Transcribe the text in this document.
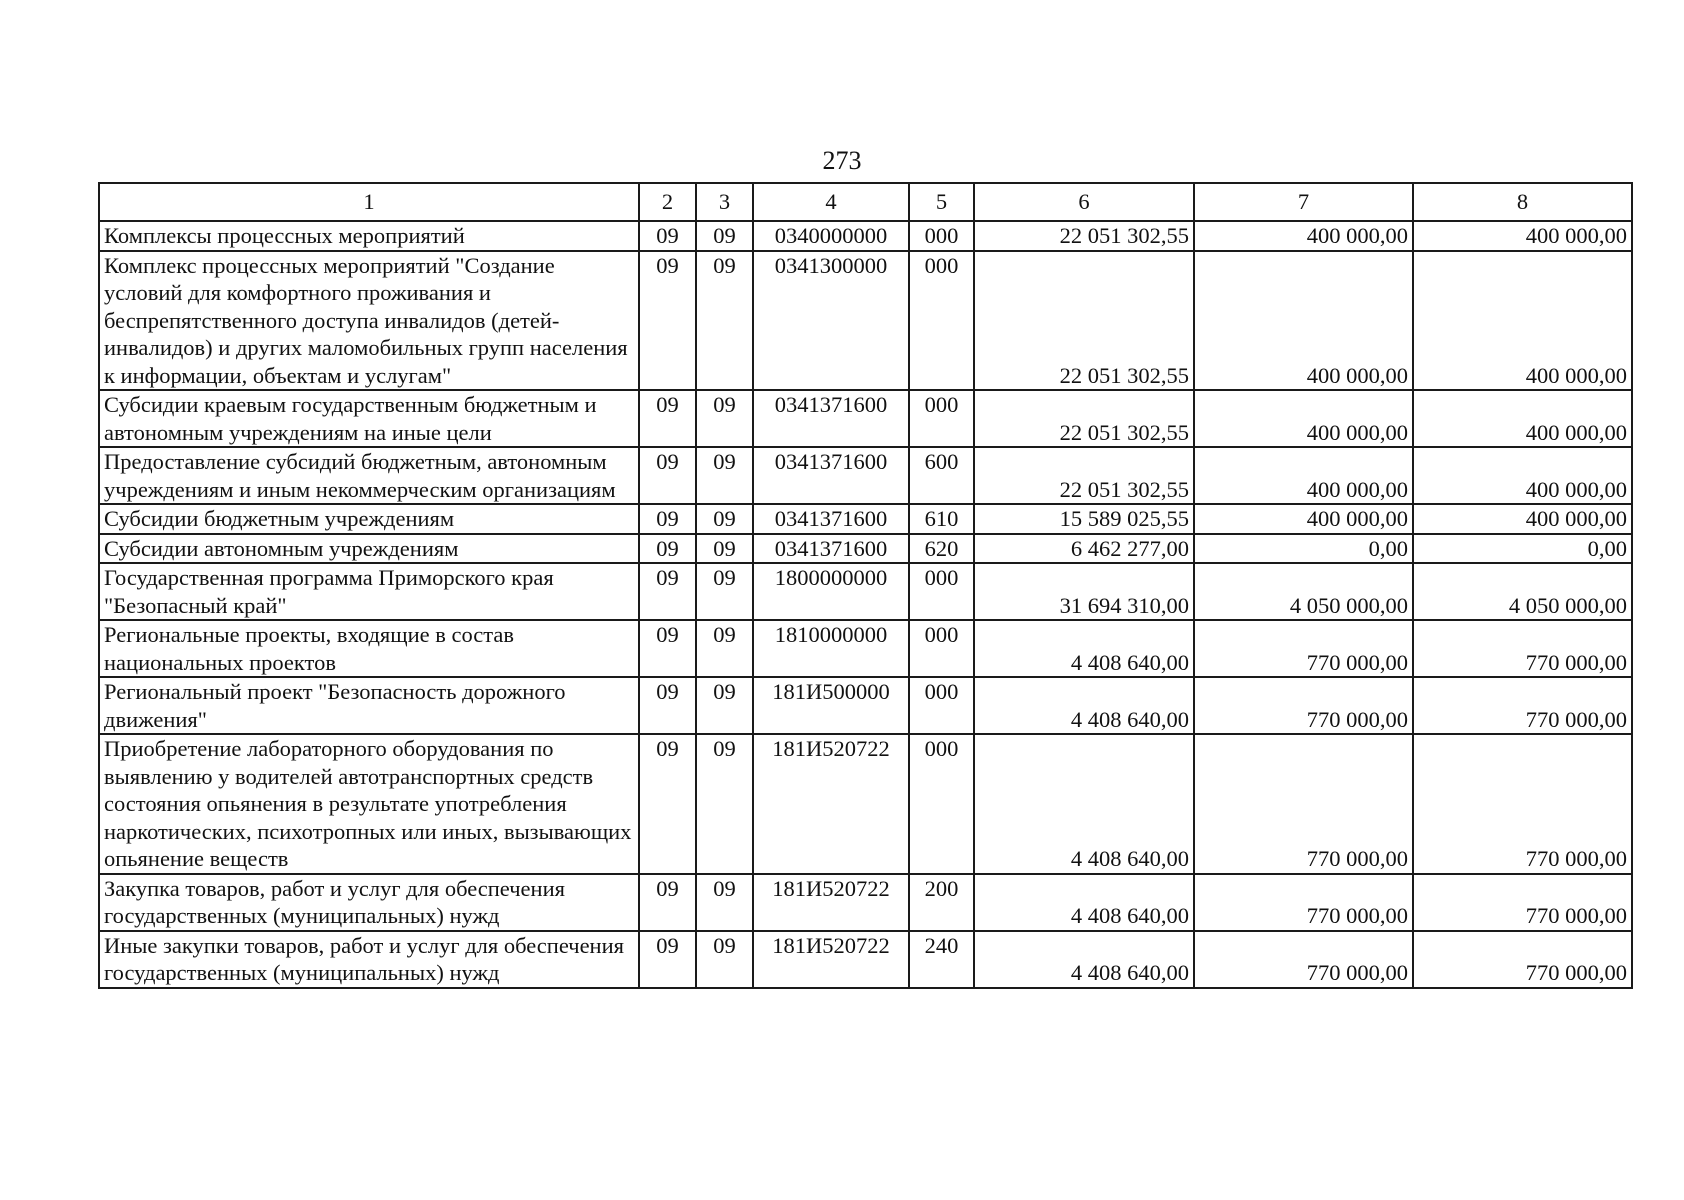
273
1	2	3	4	5	6	7	8
Комплексы процессных мероприятий	09	09	0340000000	000	22 051 302,55	400 000,00	400 000,00
Комплекс процессных мероприятий "Создание условий для комфортного проживания и беспрепятственного доступа инвалидов (детей-инвалидов) и других маломобильных групп населения к информации, объектам и услугам"	09	09	0341300000	000	22 051 302,55	400 000,00	400 000,00
Субсидии краевым государственным бюджетным и автономным учреждениям на иные цели	09	09	0341371600	000	22 051 302,55	400 000,00	400 000,00
Предоставление субсидий бюджетным, автономным учреждениям и иным некоммерческим организациям	09	09	0341371600	600	22 051 302,55	400 000,00	400 000,00
Субсидии бюджетным учреждениям	09	09	0341371600	610	15 589 025,55	400 000,00	400 000,00
Субсидии автономным учреждениям	09	09	0341371600	620	6 462 277,00	0,00	0,00
Государственная программа Приморского края "Безопасный край"	09	09	1800000000	000	31 694 310,00	4 050 000,00	4 050 000,00
Региональные проекты, входящие в состав национальных проектов	09	09	1810000000	000	4 408 640,00	770 000,00	770 000,00
Региональный проект "Безопасность дорожного движения"	09	09	181И500000	000	4 408 640,00	770 000,00	770 000,00
Приобретение лабораторного оборудования по выявлению у водителей автотранспортных средств состояния опьянения в результате употребления наркотических, психотропных или иных, вызывающих опьянение веществ	09	09	181И520722	000	4 408 640,00	770 000,00	770 000,00
Закупка товаров, работ и услуг для обеспечения государственных (муниципальных) нужд	09	09	181И520722	200	4 408 640,00	770 000,00	770 000,00
Иные закупки товаров, работ и услуг для обеспечения государственных (муниципальных) нужд	09	09	181И520722	240	4 408 640,00	770 000,00	770 000,00
